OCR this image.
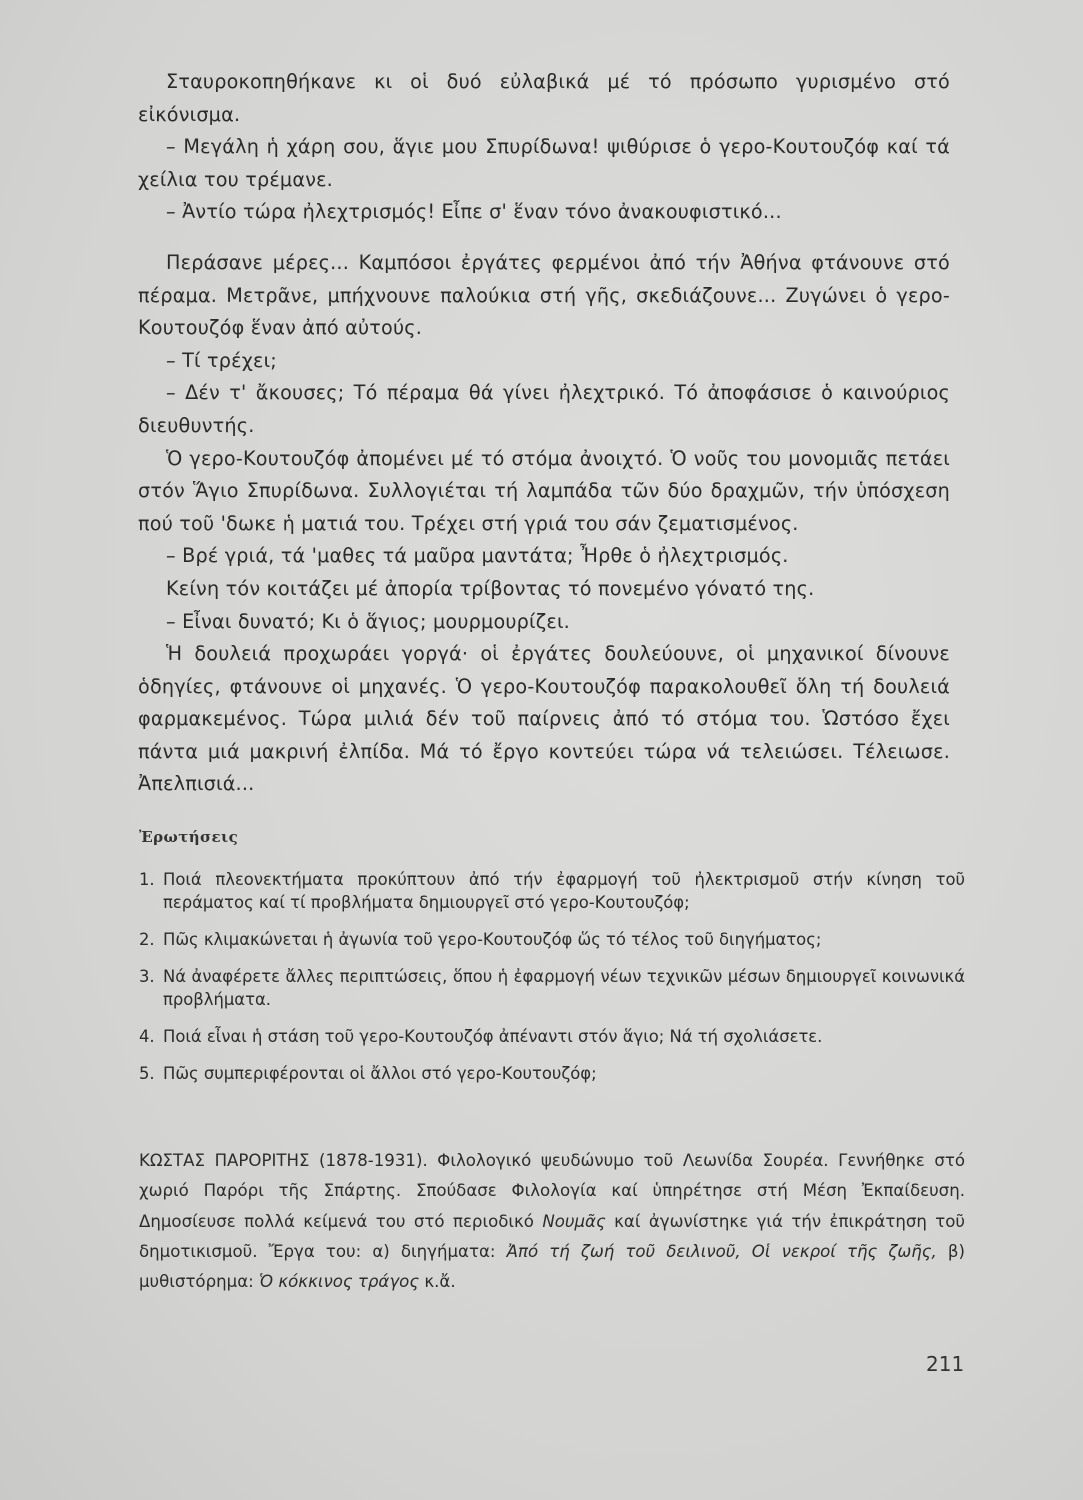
Σταυροκοπηθήκανε κι οἱ δυό εὐλαβικά μέ τό πρόσωπο γυρισμένο στό εἰκόνισμα.

– Μεγάλη ἡ χάρη σου, ἅγιε μου Σπυρίδωνα! ψιθύρισε ὁ γερο-Κουτουζόφ καί τά χείλια του τρέμανε.

– Ἀντίο τώρα ἠλεχτρισμός! Εἶπε σ' ἕναν τόνο ἀνακουφιστικό...

Περάσανε μέρες... Καμπόσοι ἐργάτες φερμένοι ἀπό τήν Ἀθήνα φτάνουνε στό πέραμα. Μετρᾶνε, μπήχνουνε παλούκια στή γῆς, σκεδιάζουνε... Ζυγώνει ὁ γερο-Κουτουζόφ ἕναν ἀπό αὐτούς.

– Τί τρέχει;

– Δέν τ' ἄκουσες; Τό πέραμα θά γίνει ἠλεχτρικό. Τό ἀποφάσισε ὁ καινούριος διευθυντής.

Ὁ γερο-Κουτουζόφ ἀπομένει μέ τό στόμα ἀνοιχτό. Ὁ νοῦς του μονομιᾶς πετάει στόν Ἅγιο Σπυρίδωνα. Συλλογιέται τή λαμπάδα τῶν δύο δραχμῶν, τήν ὑπόσχεση πού τοῦ 'δωκε ἡ ματιά του. Τρέχει στή γριά του σάν ζεματισμένος.

– Βρέ γριά, τά 'μαθες τά μαῦρα μαντάτα; Ἦρθε ὁ ἠλεχτρισμός.

Κείνη τόν κοιτάζει μέ ἀπορία τρίβοντας τό πονεμένο γόνατό της.

– Εἶναι δυνατό; Κι ὁ ἅγιος; μουρμουρίζει.

Ἡ δουλειά προχωράει γοργά· οἱ ἐργάτες δουλεύουνε, οἱ μηχανικοί δίνουνε ὁδηγίες, φτάνουνε οἱ μηχανές. Ὁ γερο-Κουτουζόφ παρακολουθεῖ ὅλη τή δουλειά φαρμακεμένος. Τώρα μιλιά δέν τοῦ παίρνεις ἀπό τό στόμα του. Ὡστόσο ἔχει πάντα μιά μακρινή ἐλπίδα. Μά τό ἔργο κοντεύει τώρα νά τελειώσει. Τέλειωσε. Ἀπελπισιά...

Ἐρωτήσεις
1. Ποιά πλεονεκτήματα προκύπτουν ἀπό τήν ἐφαρμογή τοῦ ἠλεκτρισμοῦ στήν κίνηση τοῦ περάματος καί τί προβλήματα δημιουργεῖ στό γερο-Κουτουζόφ;
2. Πῶς κλιμακώνεται ἡ ἀγωνία τοῦ γερο-Κουτουζόφ ὥς τό τέλος τοῦ διηγήματος;
3. Νά ἀναφέρετε ἄλλες περιπτώσεις, ὅπου ἡ ἐφαρμογή νέων τεχνικῶν μέσων δημιουργεῖ κοινωνικά προβλήματα.
4. Ποιά εἶναι ἡ στάση τοῦ γερο-Κουτουζόφ ἀπέναντι στόν ἅγιο; Νά τή σχολιάσετε.
5. Πῶς συμπεριφέρονται οἱ ἄλλοι στό γερο-Κουτουζόφ;

ΚΩΣΤΑΣ ΠΑΡΟΡΙΤΗΣ (1878-1931). Φιλολογικό ψευδώνυμο τοῦ Λεωνίδα Σουρέα. Γεννήθηκε στό χωριό Παρόρι τῆς Σπάρτης. Σπούδασε Φιλολογία καί ὑπηρέτησε στή Μέση Ἐκπαίδευση. Δημοσίευσε πολλά κείμενά του στό περιοδικό Νουμᾶς καί ἀγωνίστηκε γιά τήν ἐπικράτηση τοῦ δημοτικισμοῦ. Ἔργα του: α) διηγήματα: Ἀπό τή ζωή τοῦ δειλινοῦ, Οἱ νεκροί τῆς ζωῆς, β) μυθιστόρημα: Ὁ κόκκινος τράγος κ.ἄ.

211
